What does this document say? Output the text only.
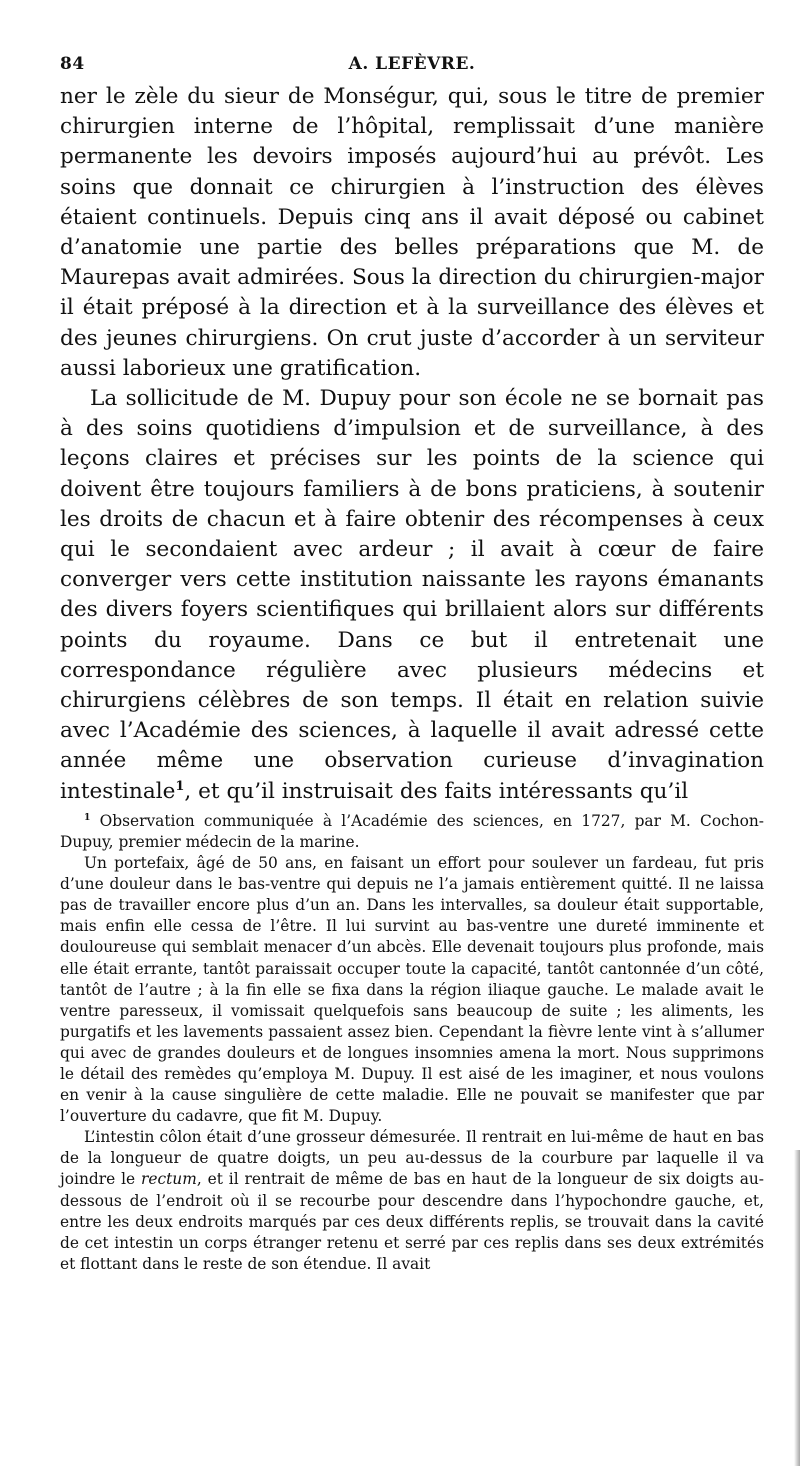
84	A. LEFÈVRE.

ner le zèle du sieur de Monségur, qui, sous le titre de premier chirurgien interne de l’hôpital, remplissait d’une manière permanente les devoirs imposés aujourd’hui au prévôt. Les soins que donnait ce chirurgien à l’instruction des élèves étaient continuels. Depuis cinq ans il avait déposé ou cabinet d’anatomie une partie des belles préparations que M. de Maurepas avait admirées. Sous la direction du chirurgien-major il était préposé à la direction et à la surveillance des élèves et des jeunes chirurgiens. On crut juste d’accorder à un serviteur aussi laborieux une gratification.

La sollicitude de M. Dupuy pour son école ne se bornait pas à des soins quotidiens d’impulsion et de surveillance, à des leçons claires et précises sur les points de la science qui doivent être toujours familiers à de bons praticiens, à soutenir les droits de chacun et à faire obtenir des récompenses à ceux qui le secondaient avec ardeur ; il avait à cœur de faire converger vers cette institution naissante les rayons émanants des divers foyers scientifiques qui brillaient alors sur différents points du royaume. Dans ce but il entretenait une correspondance régulière avec plusieurs médecins et chirurgiens célèbres de son temps. Il était en relation suivie avec l’Académie des sciences, à laquelle il avait adressé cette année même une observation curieuse d’invagination intestinale$^1$, et qu’il instruisait des faits intéressants qu’il

$^1$ Observation communiquée à l’Académie des sciences, en 1727, par M. Cochon-Dupuy, premier médecin de la marine.

Un portefaix, âgé de 50 ans, en faisant un effort pour soulever un fardeau, fut pris d’une douleur dans le bas-ventre qui depuis ne l’a jamais entièrement quitté. Il ne laissa pas de travailler encore plus d’un an. Dans les intervalles, sa douleur était supportable, mais enfin elle cessa de l’être. Il lui survint au bas-ventre une dureté imminente et douloureuse qui semblait menacer d’un abcès. Elle devenait toujours plus profonde, mais elle était errante, tantôt paraissait occuper toute la capacité, tantôt cantonnée d’un côté, tantôt de l’autre ; à la fin elle se fixa dans la région iliaque gauche. Le malade avait le ventre paresseux, il vomissait quelquefois sans beaucoup de suite ; les aliments, les purgatifs et les lavements passaient assez bien. Cependant la fièvre lente vint à s’allumer qui avec de grandes douleurs et de longues insomnies amena la mort. Nous supprimons le détail des remèdes qu’employa M. Dupuy. Il est aisé de les imaginer, et nous voulons en venir à la cause singulière de cette maladie. Elle ne pouvait se manifester que par l’ouverture du cadavre, que fit M. Dupuy.

L’intestin côlon était d’une grosseur démesurée. Il rentrait en lui-même de haut en bas de la longueur de quatre doigts, un peu au-dessus de la courbure par laquelle il va joindre le rectum, et il rentrait de même de bas en haut de la longueur de six doigts au-dessous de l’endroit où il se recourbe pour descendre dans l’hypochondre gauche, et, entre les deux endroits marqués par ces deux différents replis, se trouvait dans la cavité de cet intestin un corps étranger retenu et serré par ces replis dans ses deux extrémités et flottant dans le reste de son étendue. Il avait
